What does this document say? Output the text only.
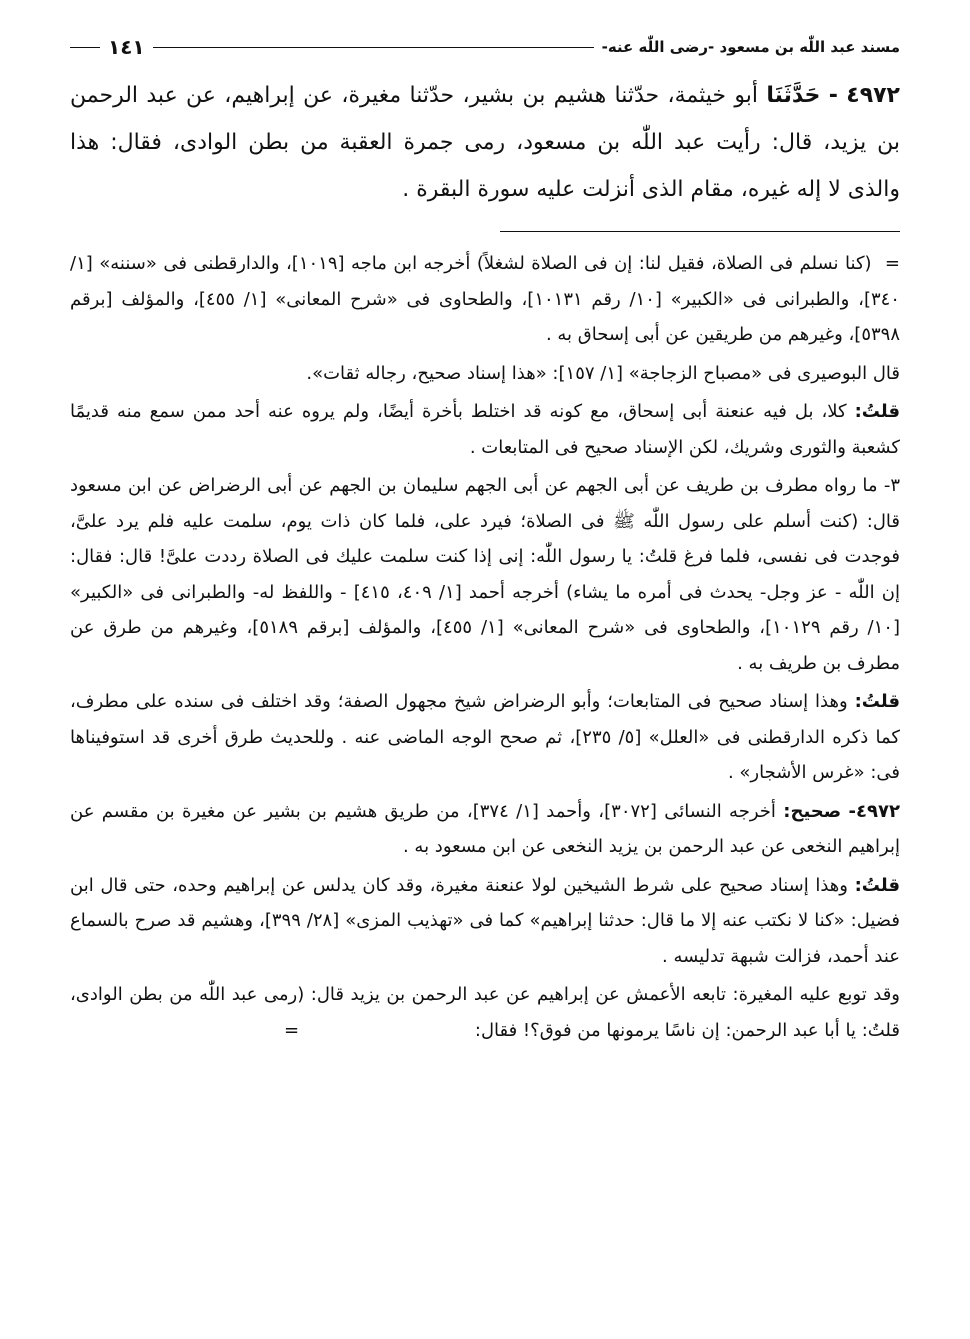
مسند عبد اللّٰه بن مسعود -رضى اللّٰه عنه-
١٤١
٤٩٧٢ - حَدَّثَنَا أبو خيثمة، حدّثنا هشيم بن بشير، حدّثنا مغيرة، عن إبراهيم، عن عبد الرحمن بن يزيد، قال: رأيت عبد اللّٰه بن مسعود، رمى جمرة العقبة من بطن الوادى، فقال: هذا والذى لا إله غيره، مقام الذى أنزلت عليه سورة البقرة .

= (كنا نسلم فى الصلاة، فقيل لنا: إن فى الصلاة لشغلاً) أخرجه ابن ماجه [١٠١٩]، والدارقطنى فى «سننه» [١/ ٣٤٠]، والطبرانى فى «الكبير» [١٠/ رقم ١٠١٣١]، والطحاوى فى «شرح المعانى» [١/ ٤٥٥]، والمؤلف [برقم ٥٣٩٨]، وغيرهم من طريقين عن أبى إسحاق به .

قال البوصيرى فى «مصباح الزجاجة» [١/ ١٥٧]: «هذا إسناد صحيح، رجاله ثقات».

قلتُ: كلا، بل فيه عنعنة أبى إسحاق، مع كونه قد اختلط بأخرة أيضًا، ولم يروه عنه أحد ممن سمع منه قديمًا كشعبة والثورى وشريك، لكن الإسناد صحيح فى المتابعات .

٣- ما رواه مطرف بن طريف عن أبى الجهم عن أبى الجهم سليمان بن الجهم عن أبى الرضراض عن ابن مسعود قال: (كنت أسلم على رسول اللّٰه ﷺ فى الصلاة؛ فيرد على، فلما كان ذات يوم، سلمت عليه فلم يرد علىَّ، فوجدت فى نفسى، فلما فرغ قلتُ: يا رسول اللّٰه: إنى إذا كنت سلمت عليك فى الصلاة رددت علىَّ! قال: فقال: إن اللّٰه - عز وجل- يحدث فى أمره ما يشاء) أخرجه أحمد [١/ ٤٠٩، ٤١٥] - واللفظ له- والطبرانى فى «الكبير» [١٠/ رقم ١٠١٢٩]، والطحاوى فى «شرح المعانى» [١/ ٤٥٥]، والمؤلف [برقم ٥١٨٩]، وغيرهم من طرق عن مطرف بن طريف به .

قلتُ: وهذا إسناد صحيح فى المتابعات؛ وأبو الرضراض شيخ مجهول الصفة؛ وقد اختلف فى سنده على مطرف، كما ذكره الدارقطنى فى «العلل» [٥/ ٢٣٥]، ثم صحح الوجه الماضى عنه . وللحديث طرق أخرى قد استوفيناها فى: «غرس الأشجار» .

٤٩٧٢- صحيح: أخرجه النسائى [٣٠٧٢]، وأحمد [١/ ٣٧٤]، من طريق هشيم بن بشير عن مغيرة بن مقسم عن إبراهيم النخعى عن عبد الرحمن بن يزيد النخعى عن ابن مسعود به .

قلتُ: وهذا إسناد صحيح على شرط الشيخين لولا عنعنة مغيرة، وقد كان يدلس عن إبراهيم وحده، حتى قال ابن فضيل: «كنا لا نكتب عنه إلا ما قال: حدثنا إبراهيم» كما فى «تهذيب المزى» [٢٨/ ٣٩٩]، وهشيم قد صرح بالسماع عند أحمد، فزالت شبهة تدليسه .

وقد توبع عليه المغيرة: تابعه الأعمش عن إبراهيم عن عبد الرحمن بن يزيد قال: (رمى عبد اللّٰه من بطن الوادى، قلتُ: يا أبا عبد الرحمن: إن ناسًا يرمونها من فوق؟! فقال: =
